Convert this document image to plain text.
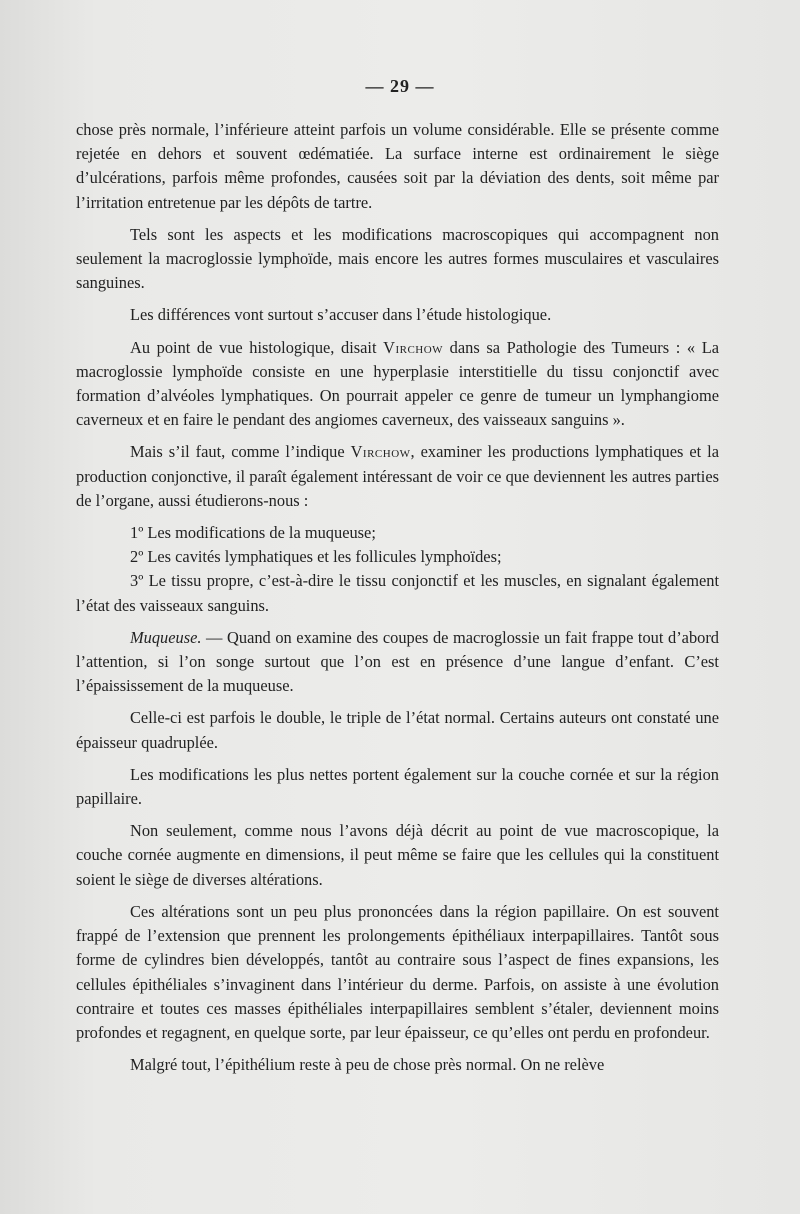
— 29 —

chose près normale, l’inférieure atteint parfois un volume considérable. Elle se présente comme rejetée en dehors et souvent œdématiée. La surface interne est ordinairement le siège d’ulcérations, parfois même profondes, causées soit par la déviation des dents, soit même par l’irritation entretenue par les dépôts de tartre.

Tels sont les aspects et les modifications macroscopiques qui accompagnent non seulement la macroglossie lymphoïde, mais encore les autres formes musculaires et vasculaires sanguines.

Les différences vont surtout s’accuser dans l’étude histologique.

Au point de vue histologique, disait Virchow dans sa Pathologie des Tumeurs : « La macroglossie lymphoïde consiste en une hyperplasie interstitielle du tissu conjonctif avec formation d’alvéoles lymphatiques. On pourrait appeler ce genre de tumeur un lymphangiome caverneux et en faire le pendant des angiomes caverneux, des vaisseaux sanguins ».

Mais s’il faut, comme l’indique Virchow, examiner les productions lymphatiques et la production conjonctive, il paraît également intéressant de voir ce que deviennent les autres parties de l’organe, aussi étudierons-nous :

1º Les modifications de la muqueuse;

2º Les cavités lymphatiques et les follicules lymphoïdes;

3º Le tissu propre, c’est-à-dire le tissu conjonctif et les muscles, en signalant également l’état des vaisseaux sanguins.

Muqueuse. — Quand on examine des coupes de macroglossie un fait frappe tout d’abord l’attention, si l’on songe surtout que l’on est en présence d’une langue d’enfant. C’est l’épaississement de la muqueuse.

Celle-ci est parfois le double, le triple de l’état normal. Certains auteurs ont constaté une épaisseur quadruplée.

Les modifications les plus nettes portent également sur la couche cornée et sur la région papillaire.

Non seulement, comme nous l’avons déjà décrit au point de vue macroscopique, la couche cornée augmente en dimensions, il peut même se faire que les cellules qui la constituent soient le siège de diverses altérations.

Ces altérations sont un peu plus prononcées dans la région papillaire. On est souvent frappé de l’extension que prennent les prolongements épithéliaux interpapillaires. Tantôt sous forme de cylindres bien développés, tantôt au contraire sous l’aspect de fines expansions, les cellules épithéliales s’invaginent dans l’intérieur du derme. Parfois, on assiste à une évolution contraire et toutes ces masses épithéliales interpapillaires semblent s’étaler, deviennent moins profondes et regagnent, en quelque sorte, par leur épaisseur, ce qu’elles ont perdu en profondeur.

Malgré tout, l’épithélium reste à peu de chose près normal. On ne relève
